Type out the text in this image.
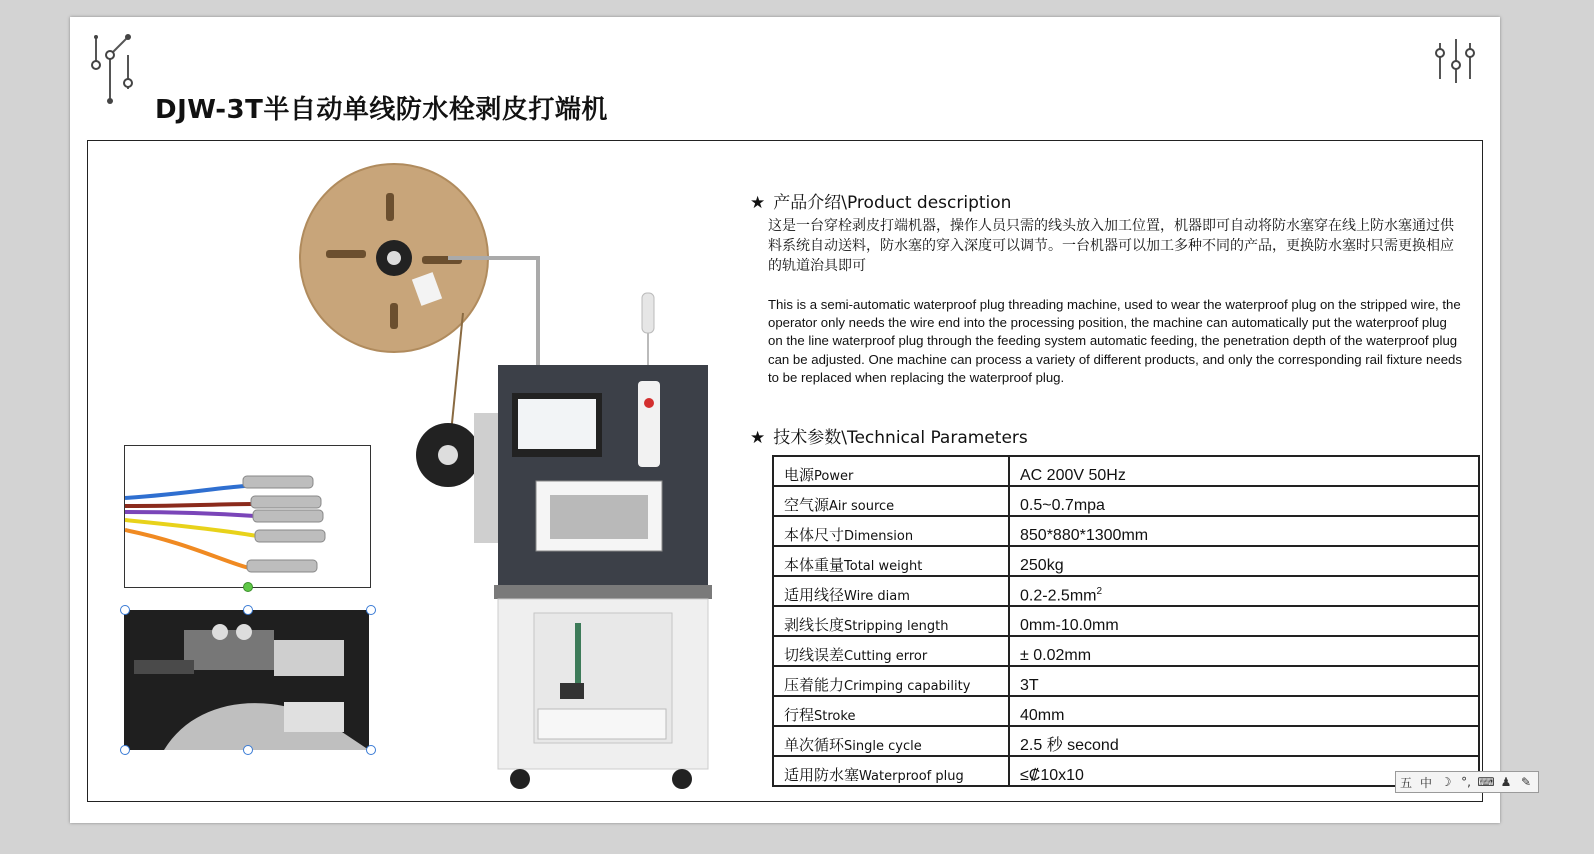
DJW-3T半自动单线防水栓剥皮打端机
★ 产品介绍\Product description
这是一台穿栓剥皮打端机器，操作人员只需的线头放入加工位置，机器即可自动将防水塞穿在线上防水塞通过供料系统自动送料，防水塞的穿入深度可以调节。一台机器可以加工多种不同的产品，更换防水塞时只需更换相应的轨道治具即可
This is a semi-automatic waterproof plug threading machine, used to wear the waterproof plug on the stripped wire, the operator only needs the wire end into the processing position, the machine can automatically put the waterproof plug on the line waterproof plug through the feeding system automatic feeding, the penetration depth of the waterproof plug can be adjusted. One machine can process a variety of different products, and only the corresponding rail fixture needs to be replaced when replacing the waterproof plug.
★ 技术参数\Technical Parameters
电源Power	AC 200V 50Hz
空气源Air source	0.5~0.7mpa
本体尺寸Dimension	850*880*1300mm
本体重量Total weight	250kg
适用线径Wire diam	$0.2-2.5mm^2$
剥线长度Stripping length	0mm-10.0mm
切线误差Cutting error	± 0.02mm
压着能力Crimping capability	3T
行程Stroke	40mm
单次循环Single cycle	2.5 秒 second
适用防水塞Waterproof plug	≤₡10x10	五 中 ☽ °, ⌨ ♟ ✎
